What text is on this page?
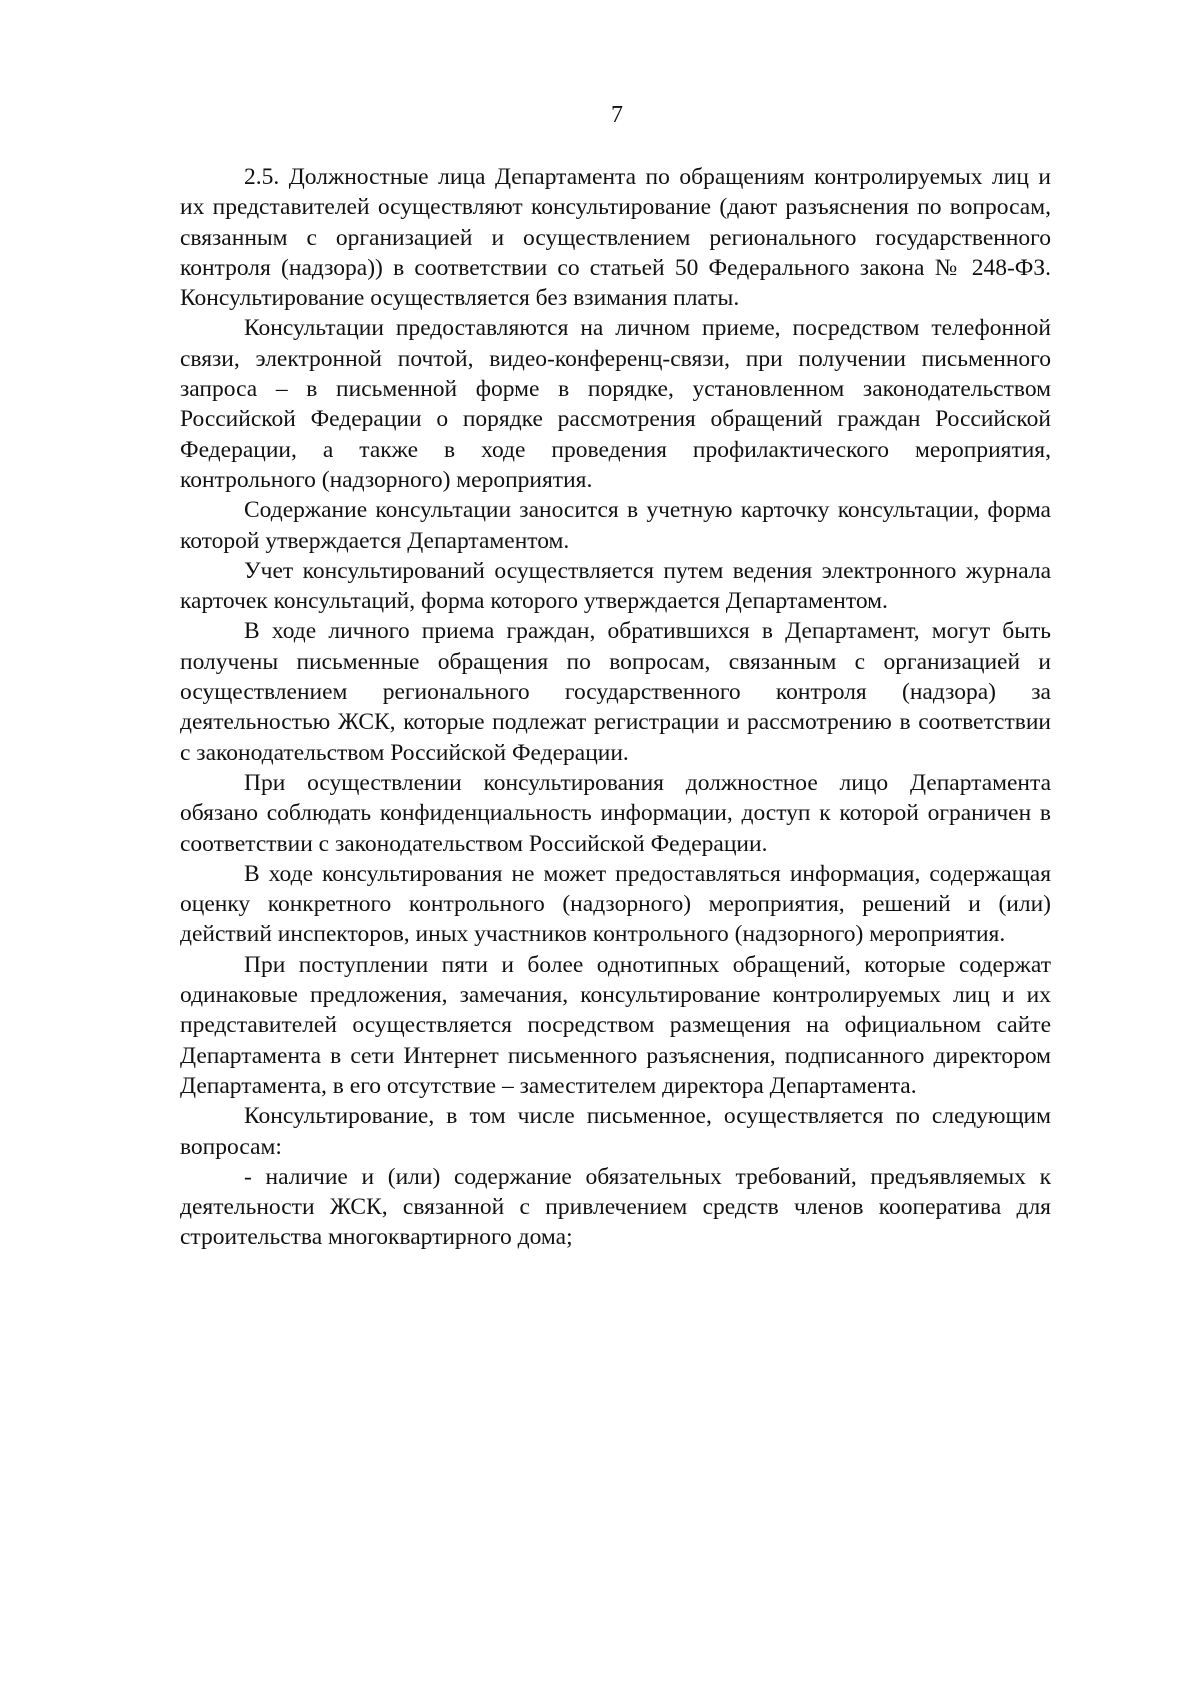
7

2.5. Должностные лица Департамента по обращениям контролируемых лиц и их представителей осуществляют консультирование (дают разъяснения по вопросам, связанным с организацией и осуществлением регионального государственного контроля (надзора)) в соответствии со статьей 50 Федерального закона № 248-ФЗ. Консультирование осуществляется без взимания платы.

Консультации предоставляются на личном приеме, посредством телефонной связи, электронной почтой, видео-конференц-связи, при получении письменного запроса – в письменной форме в порядке, установленном законодательством Российской Федерации о порядке рассмотрения обращений граждан Российской Федерации, а также в ходе проведения профилактического мероприятия, контрольного (надзорного) мероприятия.

Содержание консультации заносится в учетную карточку консультации, форма которой утверждается Департаментом.

Учет консультирований осуществляется путем ведения электронного журнала карточек консультаций, форма которого утверждается Департаментом.

В ходе личного приема граждан, обратившихся в Департамент, могут быть получены письменные обращения по вопросам, связанным с организацией и осуществлением регионального государственного контроля (надзора) за деятельностью ЖСК, которые подлежат регистрации и рассмотрению в соответствии с законодательством Российской Федерации.

При осуществлении консультирования должностное лицо Департамента обязано соблюдать конфиденциальность информации, доступ к которой ограничен в соответствии с законодательством Российской Федерации.

В ходе консультирования не может предоставляться информация, содержащая оценку конкретного контрольного (надзорного) мероприятия, решений и (или) действий инспекторов, иных участников контрольного (надзорного) мероприятия.

При поступлении пяти и более однотипных обращений, которые содержат одинаковые предложения, замечания, консультирование контролируемых лиц и их представителей осуществляется посредством размещения на официальном сайте Департамента в сети Интернет письменного разъяснения, подписанного директором Департамента, в его отсутствие – заместителем директора Департамента.

Консультирование, в том числе письменное, осуществляется по следующим вопросам:

- наличие и (или) содержание обязательных требований, предъявляемых к деятельности ЖСК, связанной с привлечением средств членов кооператива для строительства многоквартирного дома;
